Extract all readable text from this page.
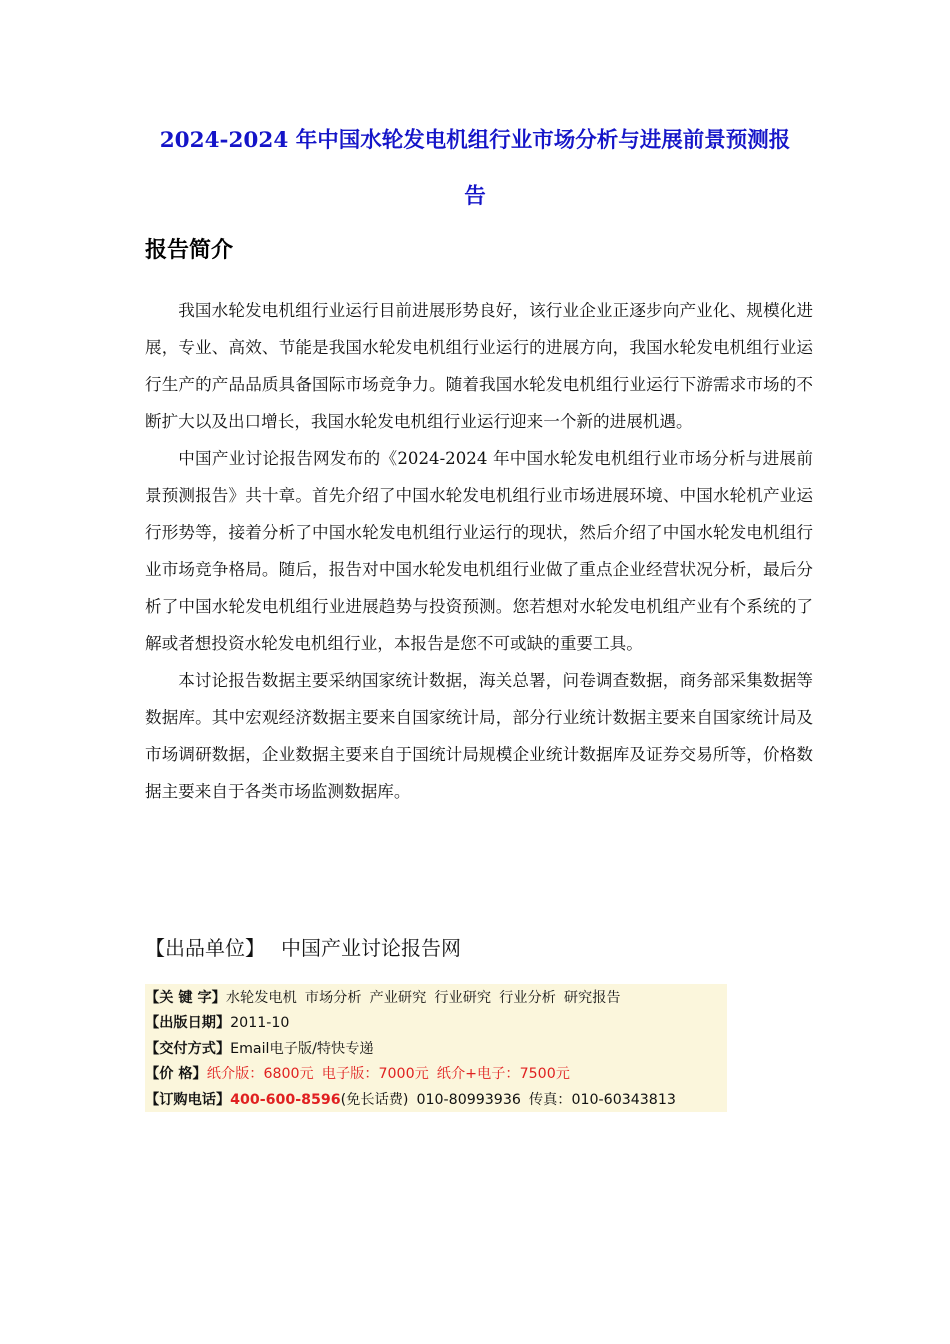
2024-2024 年中国水轮发电机组行业市场分析与进展前景预测报
告
报告简介

我国水轮发电机组行业运行目前进展形势良好，该行业企业正逐步向产业化、规模化进展，专业、高效、节能是我国水轮发电机组行业运行的进展方向，我国水轮发电机组行业运行生产的产品品质具备国际市场竞争力。随着我国水轮发电机组行业运行下游需求市场的不断扩大以及出口增长，我国水轮发电机组行业运行迎来一个新的进展机遇。

中国产业讨论报告网发布的《2024-2024 年中国水轮发电机组行业市场分析与进展前景预测报告》共十章。首先介绍了中国水轮发电机组行业市场进展环境、中国水轮机产业运行形势等，接着分析了中国水轮发电机组行业运行的现状，然后介绍了中国水轮发电机组行业市场竞争格局。随后，报告对中国水轮发电机组行业做了重点企业经营状况分析，最后分析了中国水轮发电机组行业进展趋势与投资预测。您若想对水轮发电机组产业有个系统的了解或者想投资水轮发电机组行业，本报告是您不可或缺的重要工具。

本讨论报告数据主要采纳国家统计数据，海关总署，问卷调查数据，商务部采集数据等数据库。其中宏观经济数据主要来自国家统计局，部分行业统计数据主要来自国家统计局及市场调研数据，企业数据主要来自于国统计局规模企业统计数据库及证券交易所等，价格数据主要来自于各类市场监测数据库。

【出品单位】 中国产业讨论报告网
【关 键 字】水轮发电机 市场分析 产业研究 行业研究 行业分析 研究报告
【出版日期】2011-10
【交付方式】Email电子版/特快专递
【价 格】纸介版：6800元 电子版：7000元 纸介+电子：7500元
【订购电话】400-600-8596(免长话费) 010-80993936 传真：010-60343813
